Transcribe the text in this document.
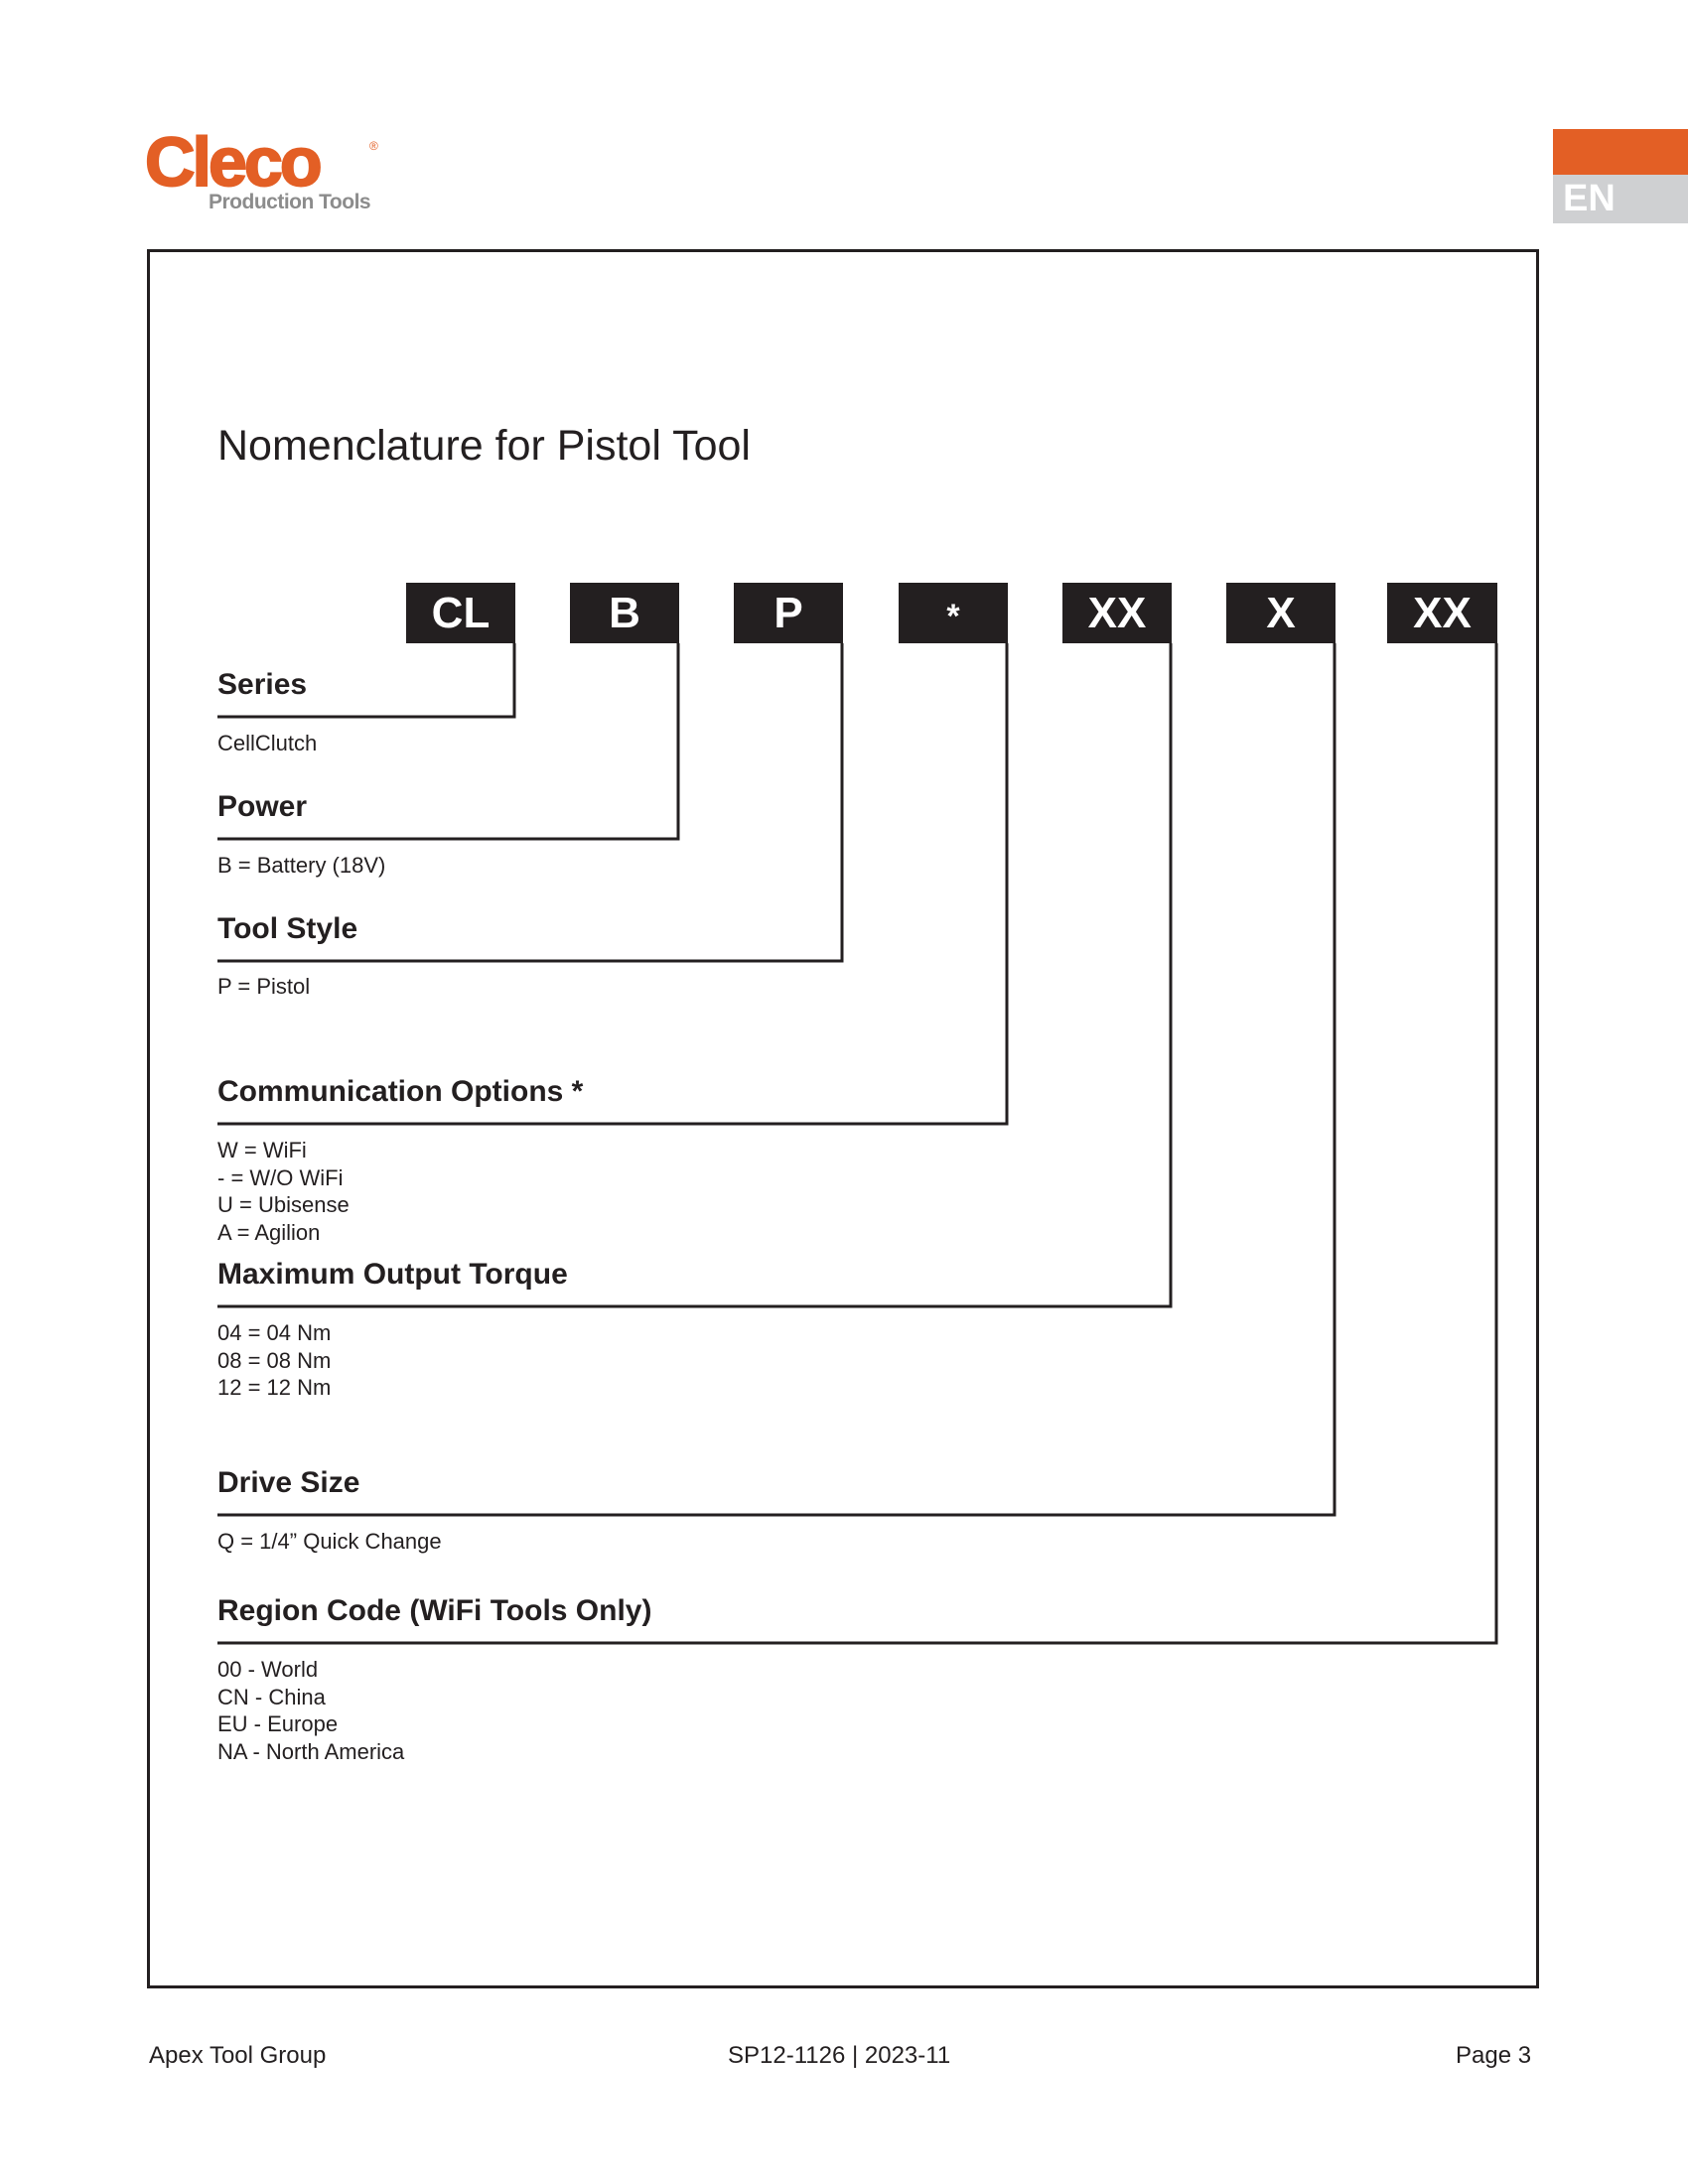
Cleco	®
Production Tools	EN
Nomenclature for Pistol Tool
CL	B	P	*	XX	X	XX
Series
CellClutch
Power
B = Battery (18V)
Tool Style
P = Pistol
Communication Options *
W = WiFi
- = W/O WiFi
U = Ubisense
A = Agilion
Maximum Output Torque
04 = 04 Nm
08 = 08 Nm
12 = 12 Nm
Drive Size
Q = 1/4” Quick Change
Region Code (WiFi Tools Only)
00 - World
CN - China
EU - Europe
NA - North America
Apex Tool Group	SP12-1126 | 2023-11	Page 3
